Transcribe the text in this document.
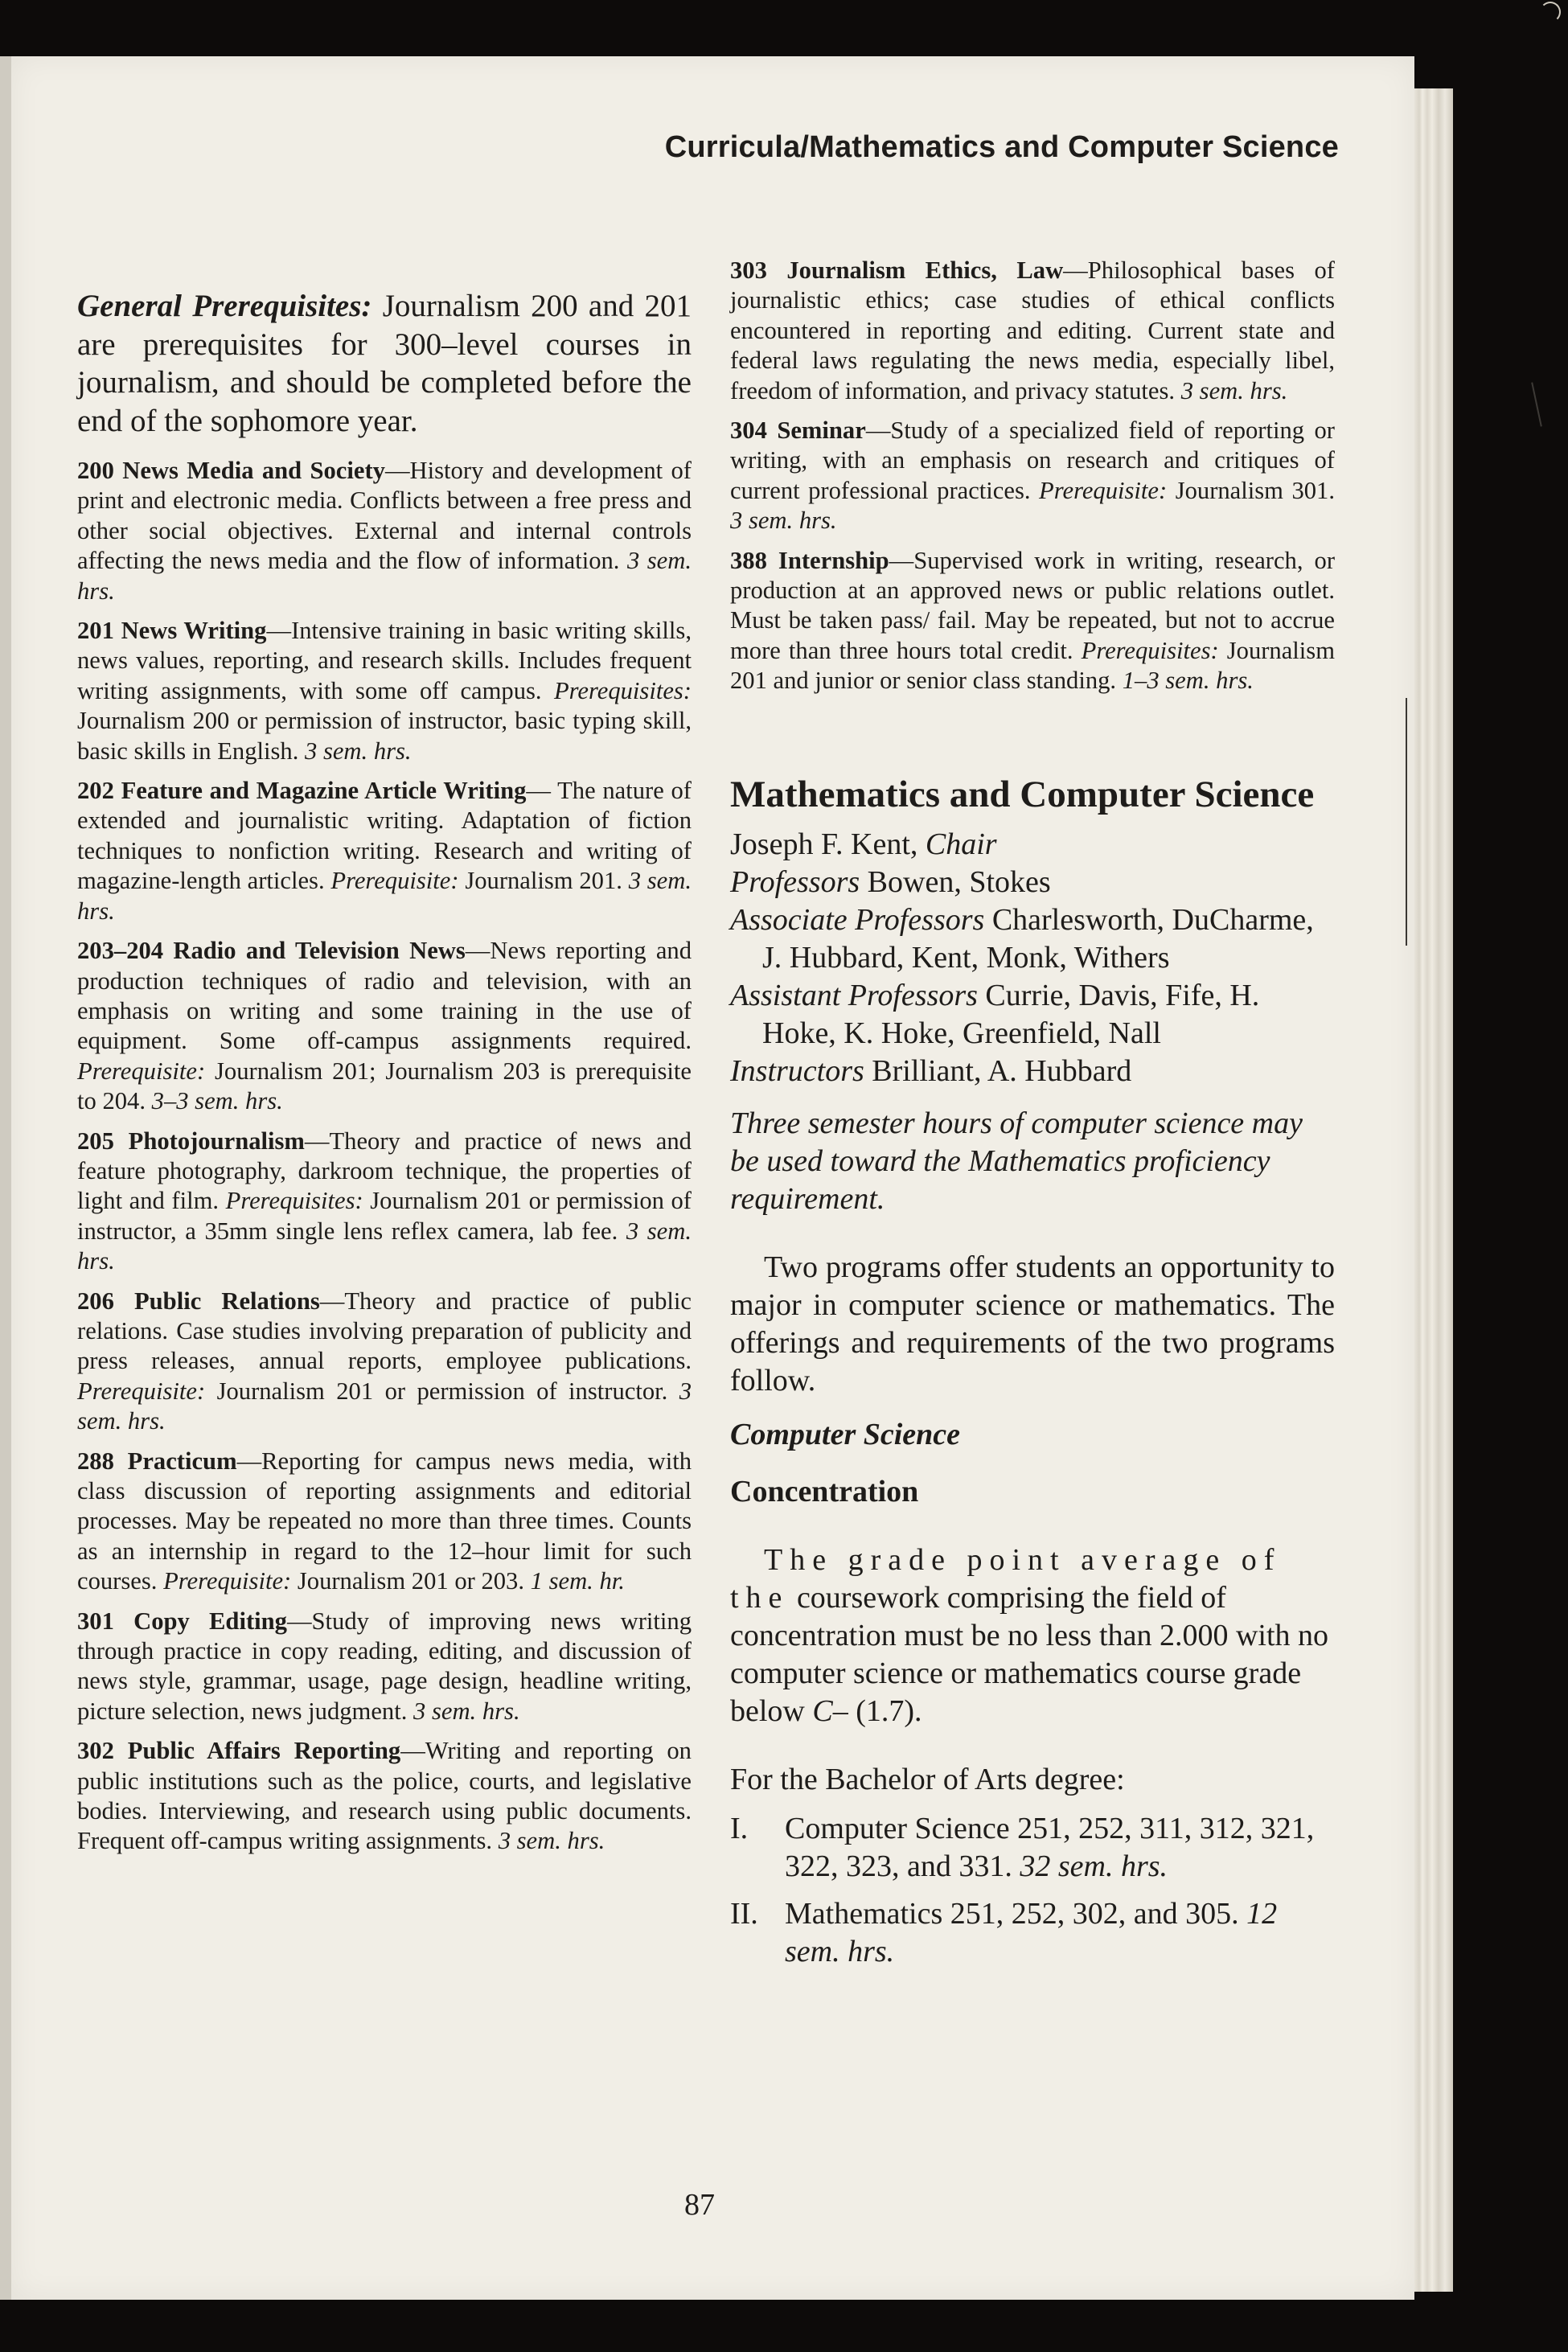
Curricula/Mathematics and Computer Science

General Prerequisites: Journalism 200 and 201 are prerequisites for 300–level courses in journalism, and should be completed before the end of the sophomore year.

200 News Media and Society—History and development of print and electronic media. Conflicts between a free press and other social objectives. External and internal controls affecting the news media and the flow of information. 3 sem. hrs.

201 News Writing—Intensive training in basic writing skills, news values, reporting, and research skills. Includes frequent writing assignments, with some off campus. Prerequisites: Journalism 200 or permission of instructor, basic typing skill, basic skills in English. 3 sem. hrs.

202 Feature and Magazine Article Writing— The nature of extended and journalistic writing. Adaptation of fiction techniques to nonfiction writing. Research and writing of magazine-length articles. Prerequisite: Journalism 201. 3 sem. hrs.

203–204 Radio and Television News—News reporting and production techniques of radio and television, with an emphasis on writing and some training in the use of equipment. Some off-campus assignments required. Prerequisite: Journalism 201; Journalism 203 is prerequisite to 204. 3–3 sem. hrs.

205 Photojournalism—Theory and practice of news and feature photography, darkroom technique, the properties of light and film. Prerequisites: Journalism 201 or permission of instructor, a 35mm single lens reflex camera, lab fee. 3 sem. hrs.

206 Public Relations—Theory and practice of public relations. Case studies involving preparation of publicity and press releases, annual reports, employee publications. Prerequisite: Journalism 201 or permission of instructor. 3 sem. hrs.

288 Practicum—Reporting for campus news media, with class discussion of reporting assignments and editorial processes. May be repeated no more than three times. Counts as an internship in regard to the 12–hour limit for such courses. Prerequisite: Journalism 201 or 203. 1 sem. hr.

301 Copy Editing—Study of improving news writing through practice in copy reading, editing, and discussion of news style, grammar, usage, page design, headline writing, picture selection, news judgment. 3 sem. hrs.

302 Public Affairs Reporting—Writing and reporting on public institutions such as the police, courts, and legislative bodies. Interviewing, and research using public documents. Frequent off-campus writing assignments. 3 sem. hrs.

303 Journalism Ethics, Law—Philosophical bases of journalistic ethics; case studies of ethical conflicts encountered in reporting and editing. Current state and federal laws regulating the news media, especially libel, freedom of information, and privacy statutes. 3 sem. hrs.

304 Seminar—Study of a specialized field of reporting or writing, with an emphasis on research and critiques of current professional practices. Prerequisite: Journalism 301. 3 sem. hrs.

388 Internship—Supervised work in writing, research, or production at an approved news or public relations outlet. Must be taken pass/ fail. May be repeated, but not to accrue more than three hours total credit. Prerequisites: Journalism 201 and junior or senior class standing. 1–3 sem. hrs.

Mathematics and Computer Science
Joseph F. Kent, Chair
Professors Bowen, Stokes
Associate Professors Charlesworth, DuCharme, J. Hubbard, Kent, Monk, Withers
Assistant Professors Currie, Davis, Fife, H. Hoke, K. Hoke, Greenfield, Nall
Instructors Brilliant, A. Hubbard

Three semester hours of computer science may be used toward the Mathematics proficiency requirement.

Two programs offer students an opportunity to major in computer science or mathematics. The offerings and requirements of the two programs follow.

Computer Science
Concentration

The grade point average of the coursework comprising the field of concentration must be no less than 2.000 with no computer science or mathematics course grade below C– (1.7).

For the Bachelor of Arts degree:

I.	Computer Science 251, 252, 311, 312, 321, 322, 323, and 331. 32 sem. hrs.
II. Mathematics 251, 252, 302, and 305. 12 sem. hrs.
87
